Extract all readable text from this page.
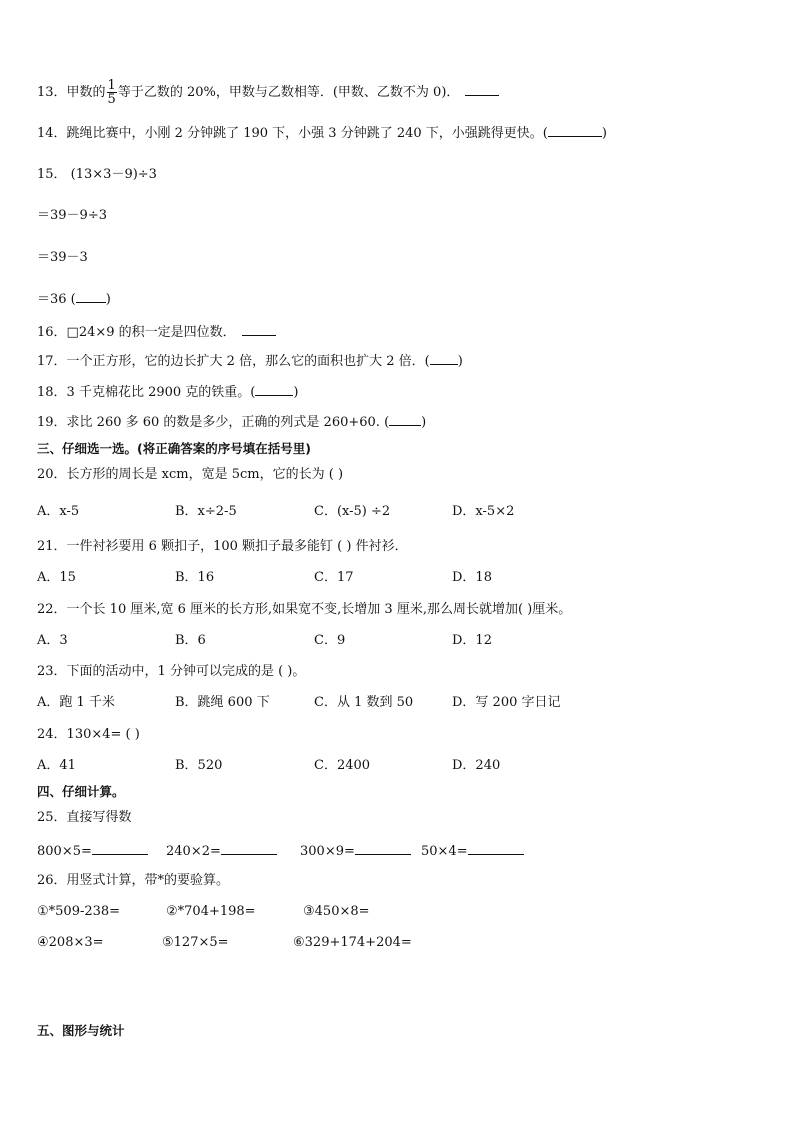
13．甲数的 $\frac{1}{5}$ 等于乙数的 20%，甲数与乙数相等．(甲数、乙数不为 0)．
14．跳绳比赛中，小刚 2 分钟跳了 190 下，小强 3 分钟跳了 240 下，小强跳得更快。(	)
15． (13×3－9)÷3
＝39－9÷3
＝39－3
＝36 ( )
16．□24×9 的积一定是四位数．
17．一个正方形，它的边长扩大 2 倍，那么它的面积也扩大 2 倍．( )
18．3 千克棉花比 2900 克的铁重。(	)
19．求比 260 多 60 的数是多少，正确的列式是 260+60. ( )
三、仔细选一选。(将正确答案的序号填在括号里)
20．长方形的周长是 xcm，宽是 5cm，它的长为 ( )
A．x-5	B．x÷2-5	C．(x-5) ÷2	D．x-5×2
21．一件衬衫要用 6 颗扣子，100 颗扣子最多能钉 ( ) 件衬衫．
A．15	B．16	C．17	D．18
22．一个长 10 厘米,宽 6 厘米的长方形,如果宽不变,长增加 3 厘米,那么周长就增加( )厘米。
A．3	B．6	C．9	D．12
23．下面的活动中，1 分钟可以完成的是 ( )。
A．跑 1 千米	B．跳绳 600 下	C．从 1 数到 50	D．写 200 字日记
24．130×4= ( )
A．41	B．520	C．2400	D．240
四、仔细计算。
25．直接写得数
800×5=	240×2=	300×9=	50×4=
26．用竖式计算，带*的要验算。
①*509-238=	②*704+198=	③450×8=
④208×3=	⑤127×5=	⑥329+174+204=
五、图形与统计
